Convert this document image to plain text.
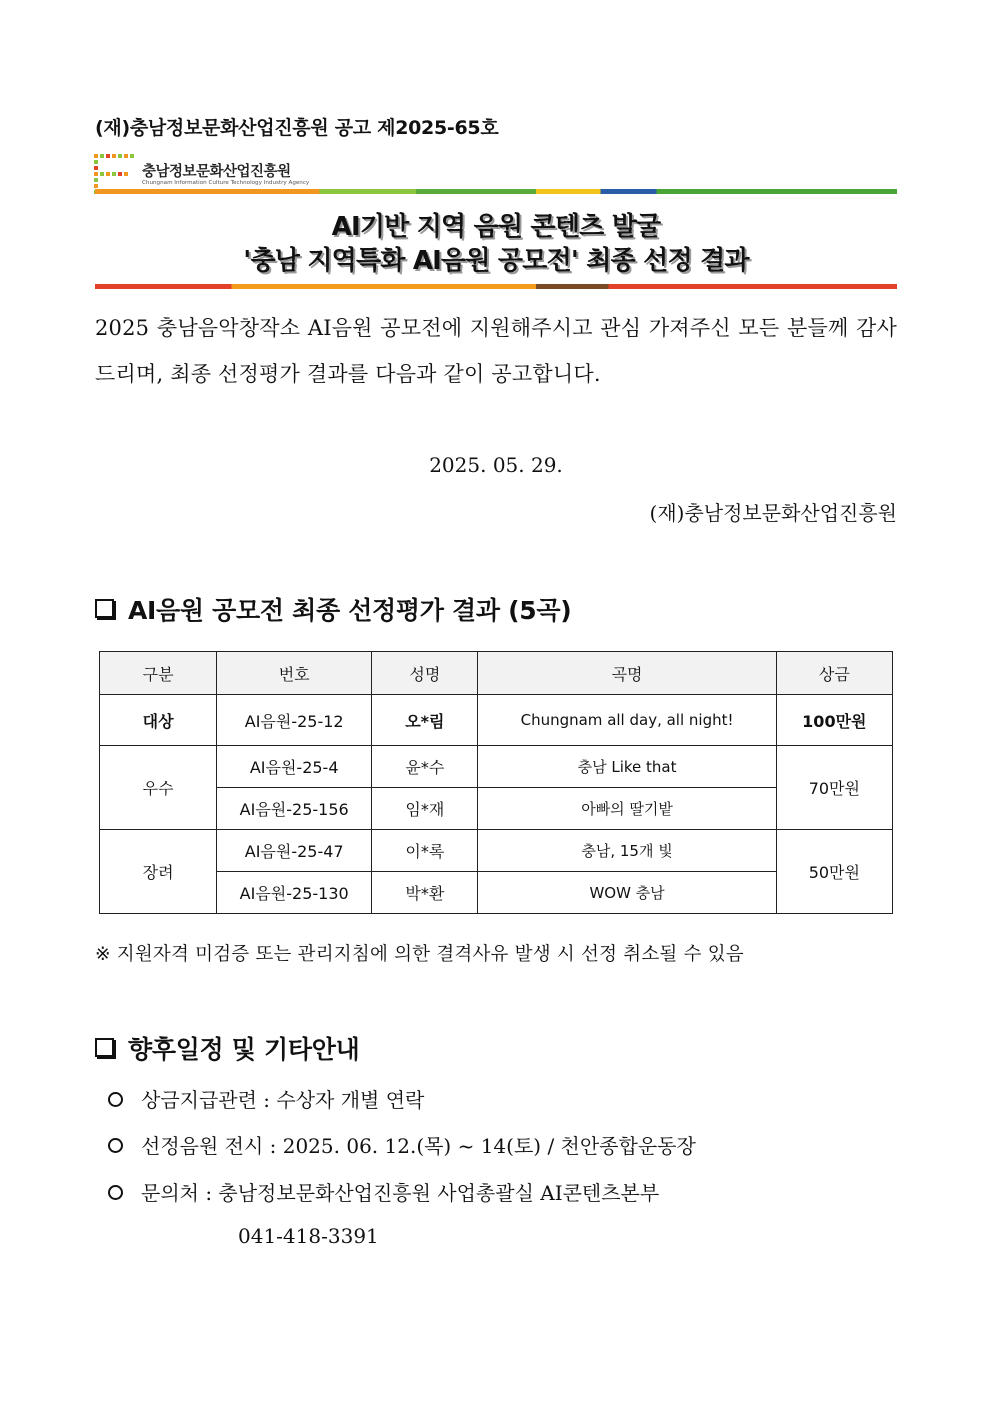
(재)충남정보문화산업진흥원 공고 제2025-65호
충남정보문화산업진흥원
Chungnam Information Culture Technology Industry Agency
AI기반 지역 음원 콘텐츠 발굴
'충남 지역특화 AI음원 공모전' 최종 선정 결과
2025 충남음악창작소 AI음원 공모전에 지원해주시고 관심 가져주신 모든 분들께 감사드리며, 최종 선정평가 결과를 다음과 같이 공고합니다.
2025. 05. 29.
(재)충남정보문화산업진흥원
AI음원 공모전 최종 선정평가 결과 (5곡)
구분	번호	성명	곡명	상금
대상	AI음원-25-12	오*림	Chungnam all day, all night!	100만원
우수	AI음원-25-4	윤*수	충남 Like that	70만원
	AI음원-25-156	임*재	아빠의 딸기밭	
장려	AI음원-25-47	이*록	충남, 15개 빛	50만원
	AI음원-25-130	박*환	WOW 충남	
※ 지원자격 미검증 또는 관리지침에 의한 결격사유 발생 시 선정 취소될 수 있음
향후일정 및 기타안내
상금지급관련 : 수상자 개별 연락
선정음원 전시 : 2025. 06. 12.(목) ~ 14(토) / 천안종합운동장
문의처 : 충남정보문화산업진흥원 사업총괄실 AI콘텐츠본부
041-418-3391
